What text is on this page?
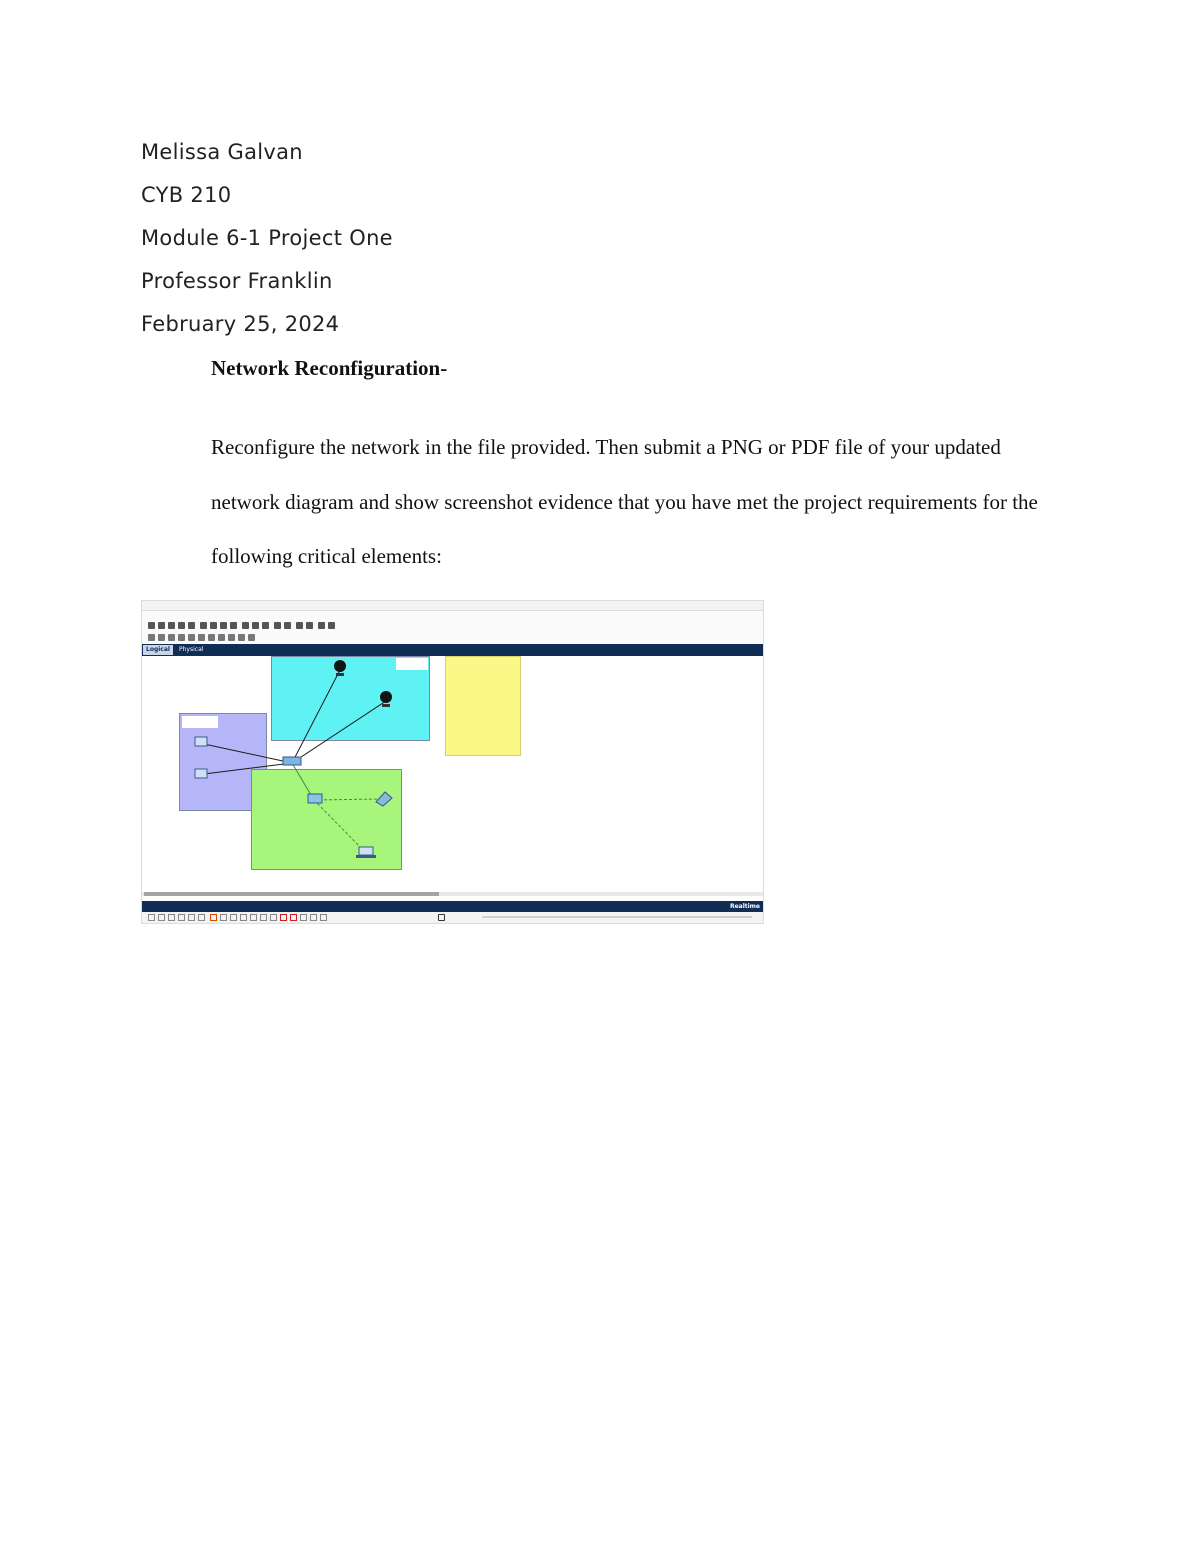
Melissa Galvan

CYB 210

Module 6-1 Project One

Professor Franklin

February 25, 2024

Network Reconfiguration-

Reconfigure the network in the file provided. Then submit a PNG or PDF file of your updated network diagram and show screenshot evidence that you have met the project requirements for the following critical elements:

Logical	Physical
Realtime
